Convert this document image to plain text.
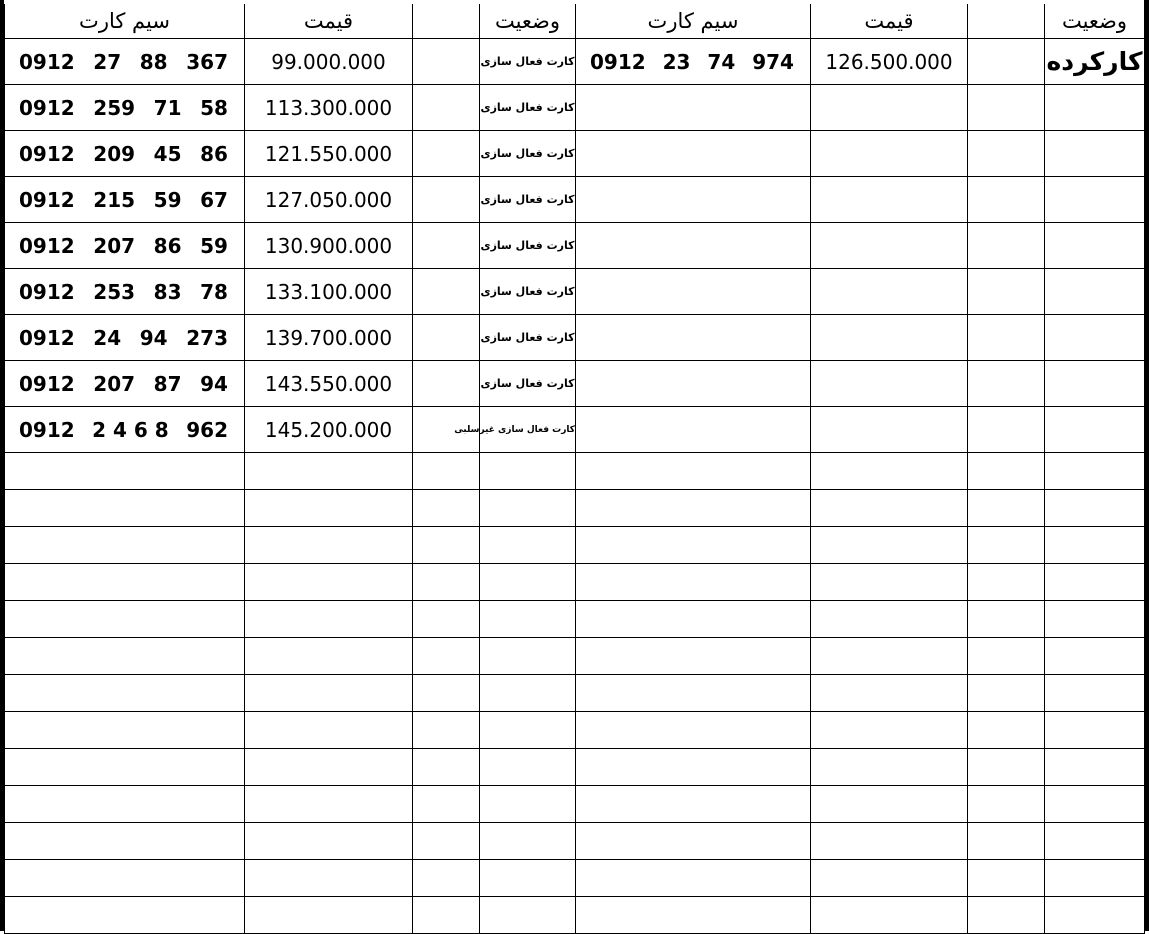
سیم کارت	قیمت		وضعیت	سیم کارت	قیمت		وضعیت

0912 27 88 367	99.000.000		کارت فعال سازی	0912 23 74 974	126.500.000		کارکرده

0912 259 71 58	113.300.000		کارت فعال سازی				

0912 209 45 86	121.550.000		کارت فعال سازی				

0912 215 59 67	127.050.000		کارت فعال سازی				

0912 207 86 59	130.900.000		کارت فعال سازی				

0912 253 83 78	133.100.000		کارت فعال سازی				

0912 24 94 273	139.700.000		کارت فعال سازی				

0912 207 87 94	143.550.000		کارت فعال سازی				

0912 2 4 6 8 962	145.200.000		کارت فعال سازی غیرسلبی				
